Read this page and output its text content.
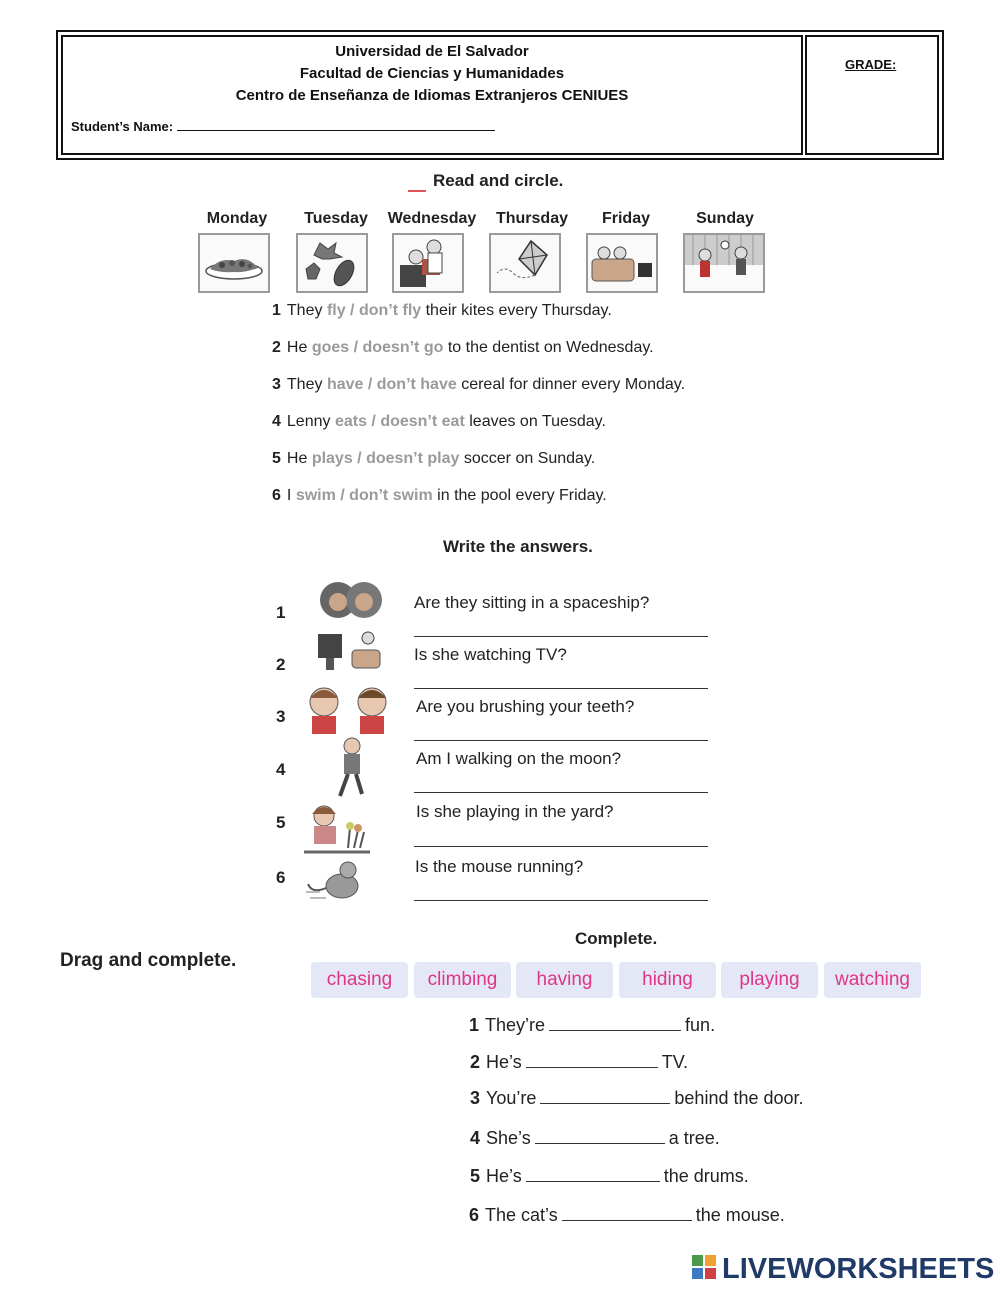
Universidad de El Salvador
Facultad de Ciencias y Humanidades
Centro de Enseñanza de Idiomas Extranjeros CENIUES
Student’s Name:
GRADE:
Read and circle.
Monday	Tuesday	Wednesday	Thursday	Friday	Sunday
1 They fly / don’t fly their kites every Thursday.
2 He goes / doesn’t go to the dentist on Wednesday.
3 They have / don’t have cereal for dinner every Monday.
4 Lenny eats / doesn’t eat leaves on Tuesday.
5 He plays / doesn’t play soccer on Sunday.
6 I swim / don’t swim in the pool every Friday.
Write the answers.
1
Are they sitting in a spaceship?
2
Is she watching TV?
3
Are you brushing your teeth?
4
Am I walking on the moon?
5
Is she playing in the yard?
6
Is the mouse running?
Complete.
Drag and complete.
chasing	climbing	having	hiding	playing	watching
1 They’re	fun.
2 He’s	TV.
3 You’re	behind the door.
4 She’s	a tree.
5 He’s	the drums.
6 The cat’s	the mouse.
LIVEWORKSHEETS
